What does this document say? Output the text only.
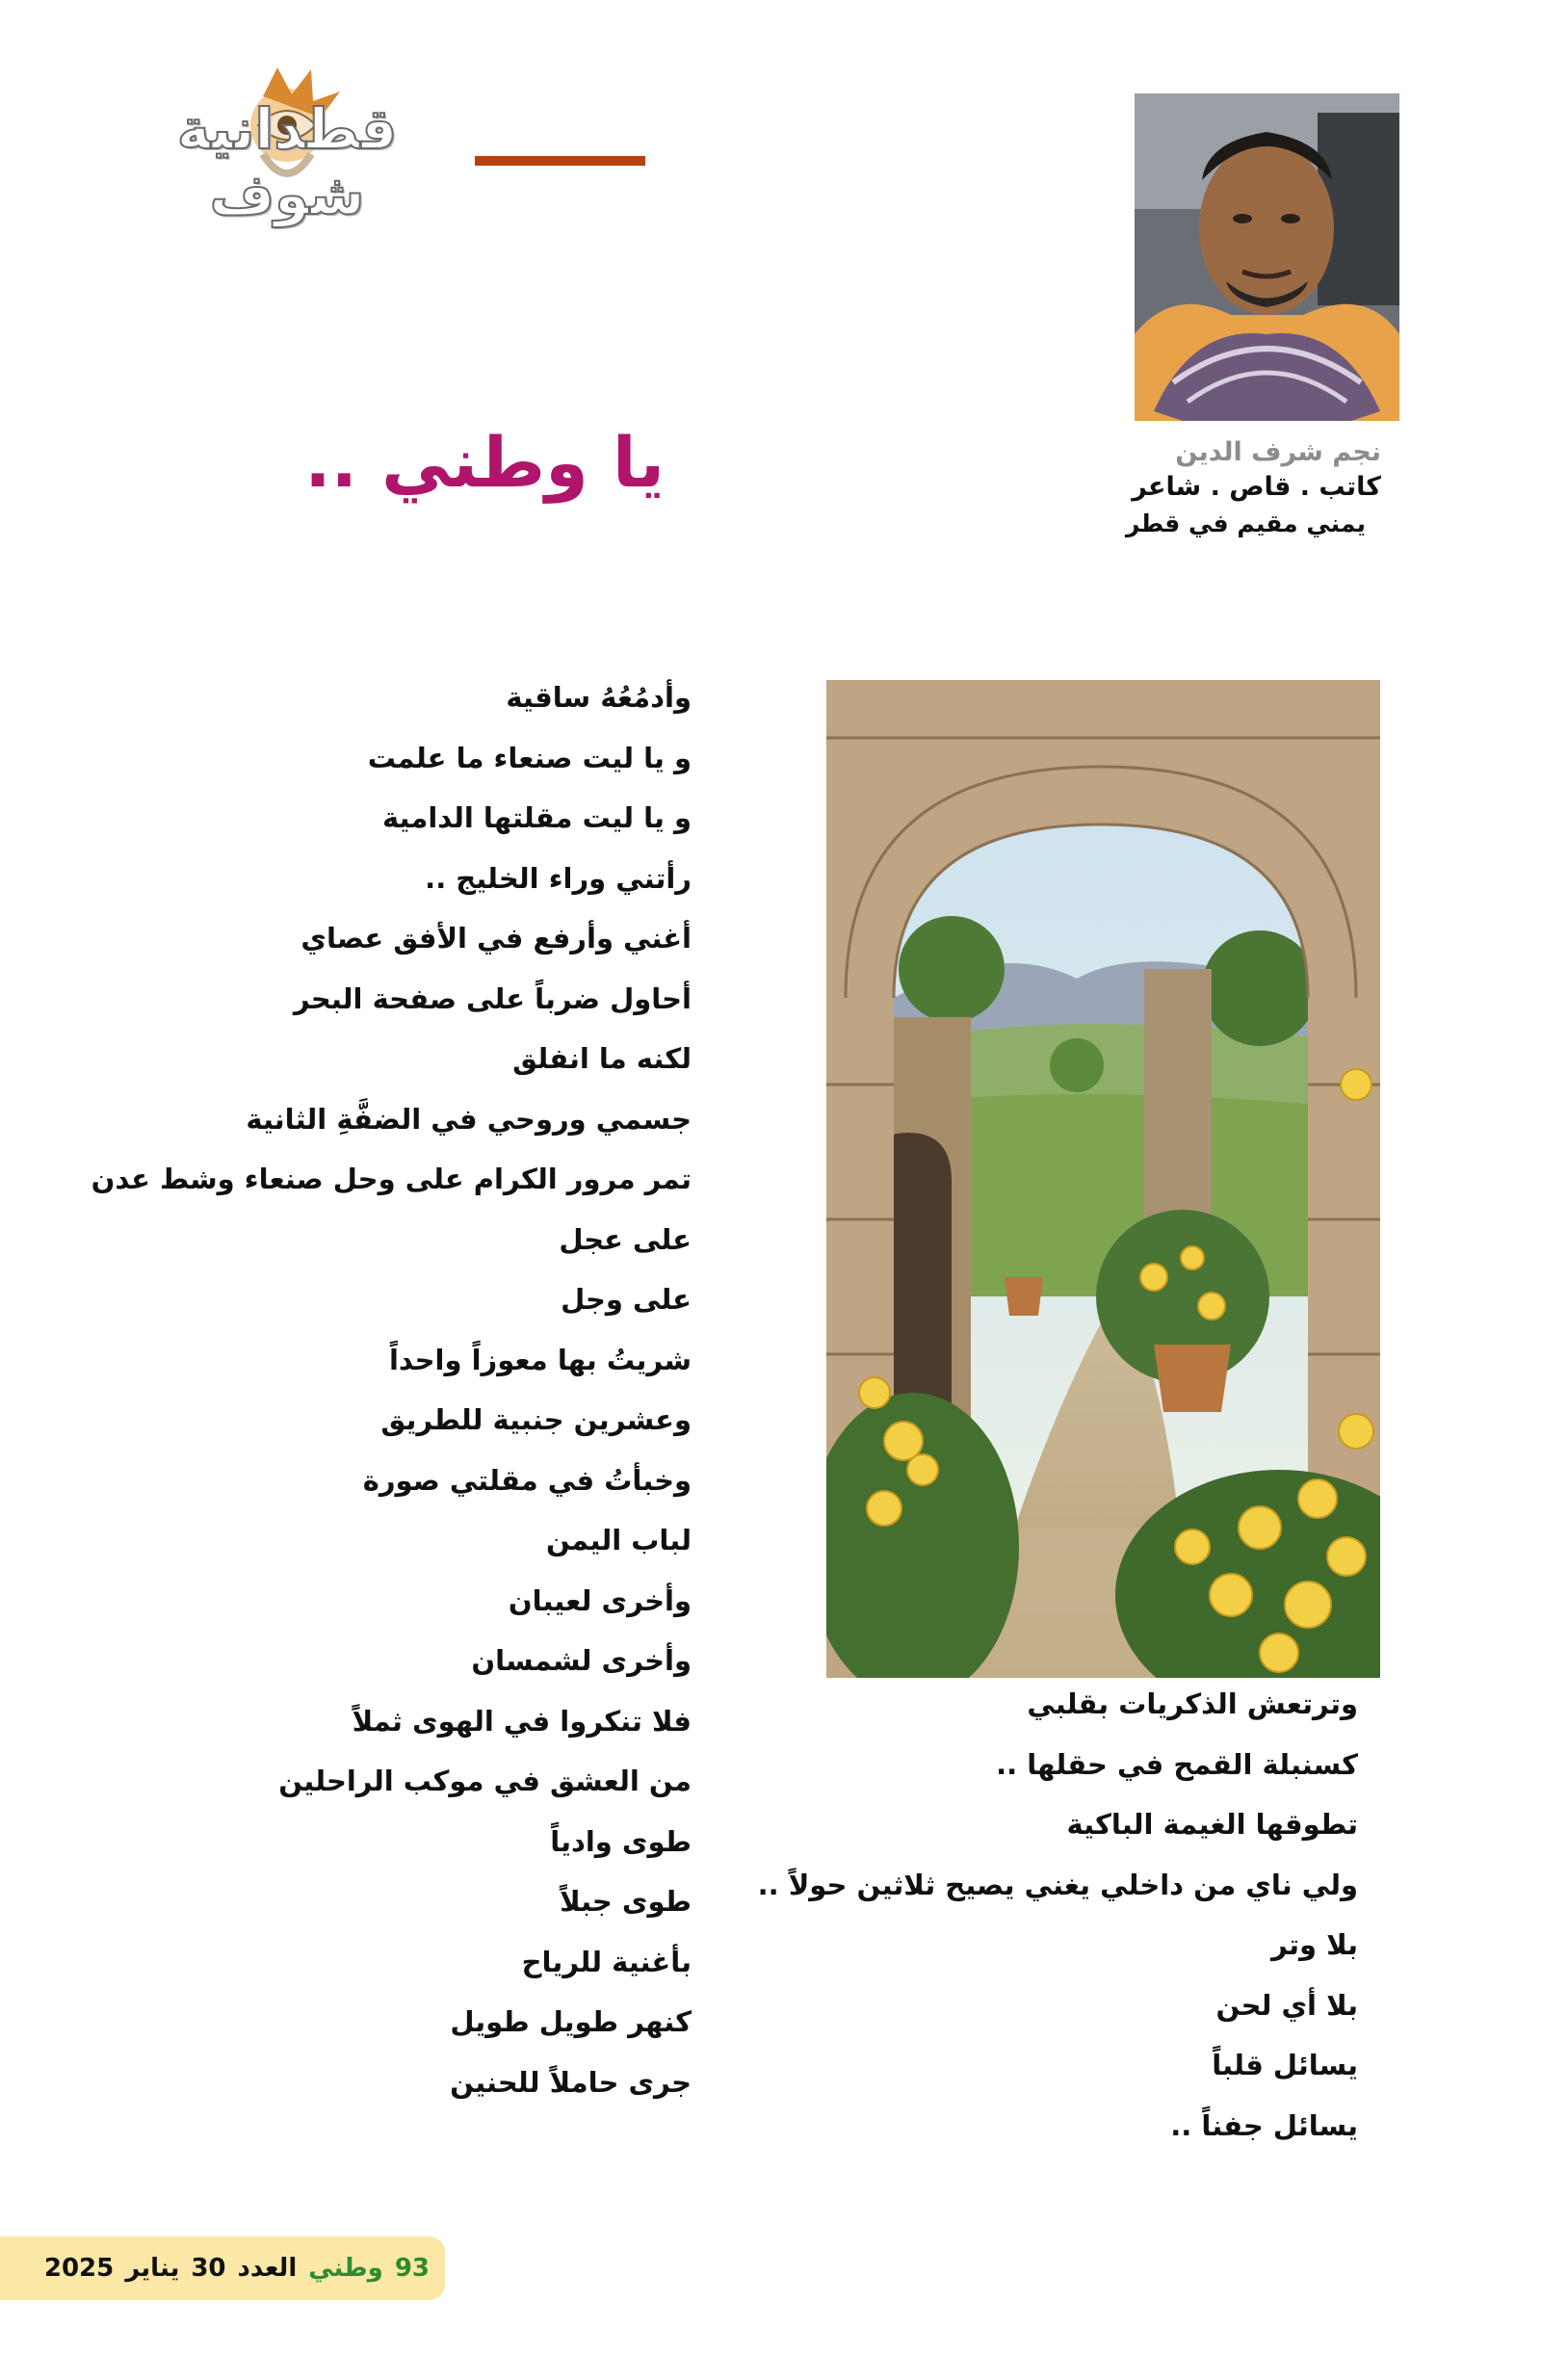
قطدانية شوف
نجم شرف الدين
كاتب . قاص . شاعر
يمني مقيم في قطر
يا وطني ..
وأدمُعُهُ ساقية
و يا ليت صنعاء ما علمت
و يا ليت مقلتها الدامية
رأتني وراء الخليج ..
أغني وأرفع في الأفق عصاي
أحاول ضرباً على صفحة البحر
لكنه ما انفلق
جسمي وروحي في الضفَّةِ الثانية
تمر مرور الكرام على وحل صنعاء وشط عدن
على عجل
على وجل
شريتُ بها معوزاً واحداً
وعشرين جنبية للطريق
وخبأتُ في مقلتي صورة
لباب اليمن
وأخرى لعيبان
وأخرى لشمسان
فلا تنكروا في الهوى ثملاً
من العشق في موكب الراحلين
طوى وادياً
طوى جبلاً
بأغنية للرياح
كنهر طويل طويل
جرى حاملاً للحنين
وترتعش الذكريات بقلبي
كسنبلة القمح في حقلها ..
تطوقها الغيمة الباكية
ولي ناي من داخلي يغني يصيح ثلاثين حولاً ..
بلا وتر
بلا أي لحن
يسائل قلباً
يسائل جفناً ..
93
وطني
العدد
30
يناير
2025
